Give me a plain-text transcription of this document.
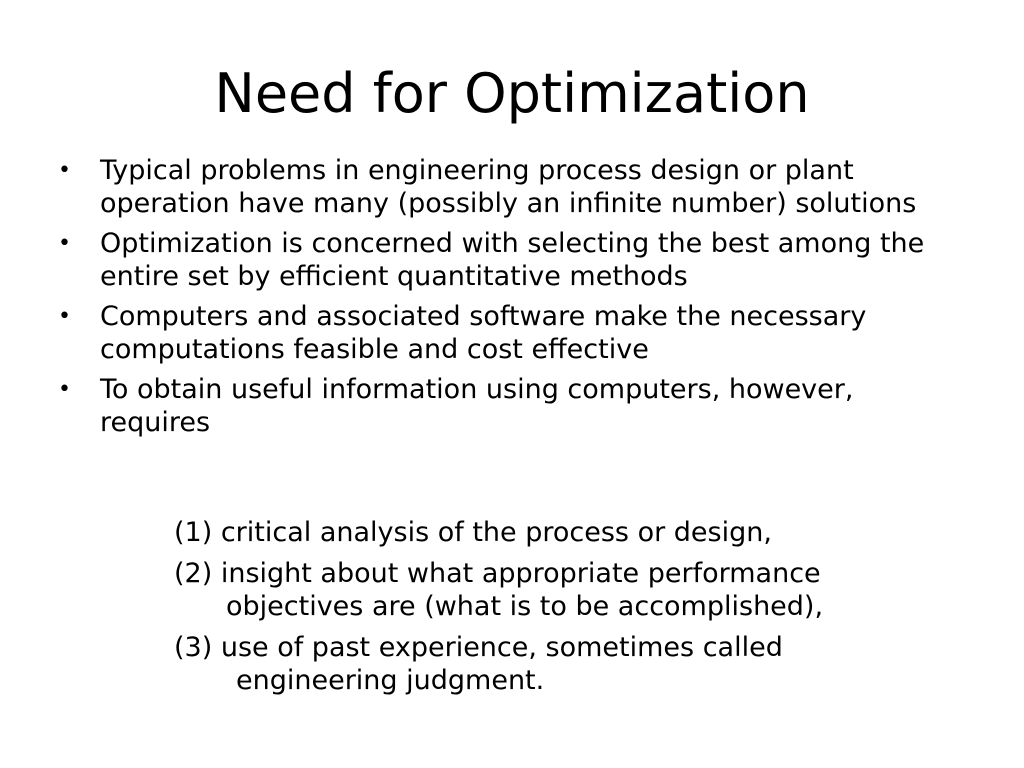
Need for Optimization
• Typical problems in engineering process design or plant operation have many (possibly an infinite number) solutions
• Optimization is concerned with selecting the best among the entire set by efficient quantitative methods
• Computers and associated software make the necessary computations feasible and cost effective
• To obtain useful information using computers, however, requires
(1) critical analysis of the process or design,
(2) insight about what appropriate performance
objectives are (what is to be accomplished),
(3) use of past experience, sometimes called
engineering judgment.
